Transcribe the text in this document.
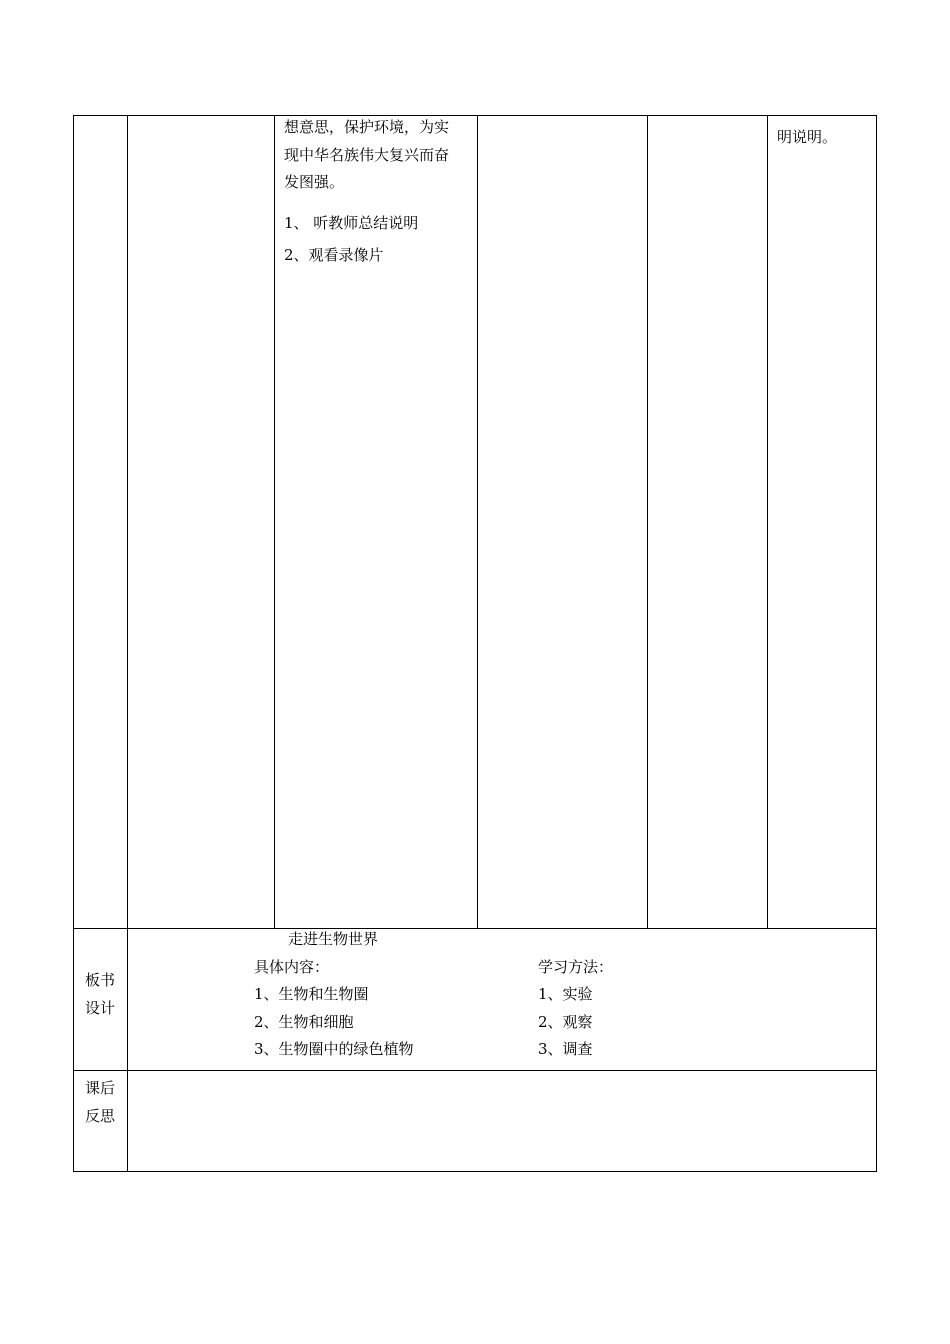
想意思，保护环境，为实
现中华名族伟大复兴而奋
发图强。
1、 听教师总结说明
2、观看录像片
明说明。
板书
设计
走进生物世界
具体内容：
1、生物和生物圈
2、生物和细胞
3、生物圈中的绿色植物
学习方法：
1、实验
2、观察
3、调查
课后
反思
